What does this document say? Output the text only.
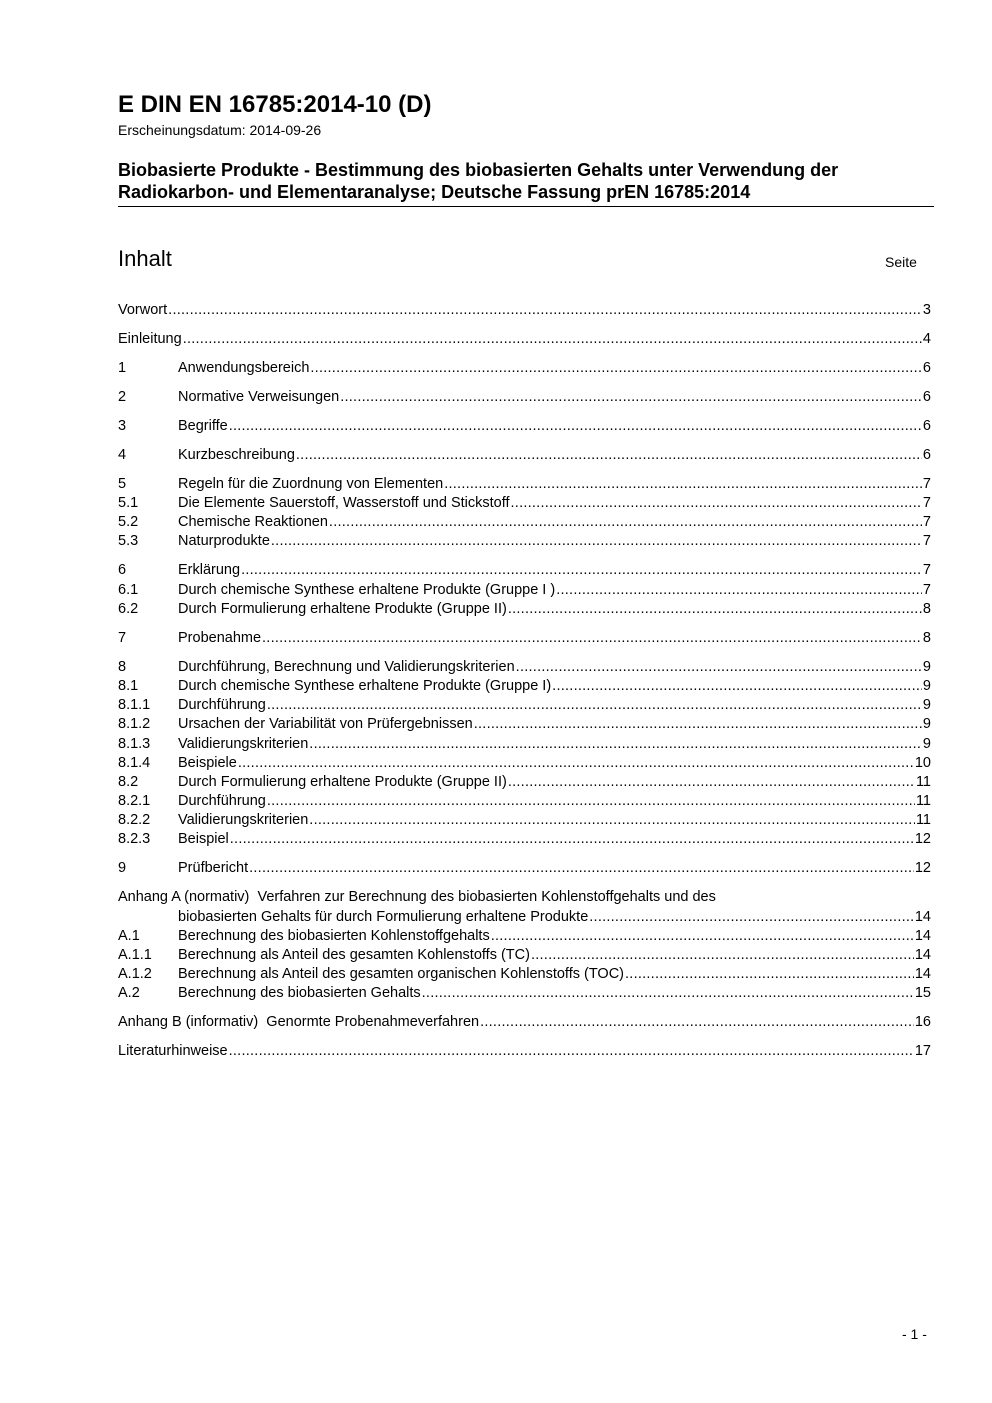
E DIN EN 16785:2014-10 (D)
Erscheinungsdatum: 2014-09-26
Biobasierte Produkte - Bestimmung des biobasierten Gehalts unter Verwendung der
Radiokarbon- und Elementaranalyse; Deutsche Fassung prEN 16785:2014
Inhalt	Seite
Vorwort .....	3
Einleitung .....	4
1	Anwendungsbereich .....	6
2	Normative Verweisungen .....	6
3	Begriffe .....	6
4	Kurzbeschreibung .....	6
5	Regeln für die Zuordnung von Elementen .....	7
5.1	Die Elemente Sauerstoff, Wasserstoff und Stickstoff .....	7
5.2	Chemische Reaktionen .....	7
5.3	Naturprodukte .....	7
6	Erklärung .....	7
6.1	Durch chemische Synthese erhaltene Produkte (Gruppe I ) .....	7
6.2	Durch Formulierung erhaltene Produkte (Gruppe II) .....	8
7	Probenahme .....	8
8	Durchführung, Berechnung und Validierungskriterien .....	9
8.1	Durch chemische Synthese erhaltene Produkte (Gruppe I) .....	9
8.1.1 Durchführung .....	9
8.1.2 Ursachen der Variabilität von Prüfergebnissen .....	9
8.1.3 Validierungskriterien .....	9
8.1.4 Beispiele .....	10
8.2	Durch Formulierung erhaltene Produkte (Gruppe II) .....	11
8.2.1 Durchführung .....	11
8.2.2 Validierungskriterien .....	11
8.2.3 Beispiel .....	12
9	Prüfbericht .....	12
Anhang A (normativ) Verfahren zur Berechnung des biobasierten Kohlenstoffgehalts und des
biobasierten Gehalts für durch Formulierung erhaltene Produkte .....	14
A.1	Berechnung des biobasierten Kohlenstoffgehalts .....	14
A.1.1 Berechnung als Anteil des gesamten Kohlenstoffs (TC) .....	14
A.1.2 Berechnung als Anteil des gesamten organischen Kohlenstoffs (TOC) .....	14
A.2	Berechnung des biobasierten Gehalts .....	15
Anhang B (informativ) Genormte Probenahmeverfahren .....	16
Literaturhinweise .....	17
- 1 -
